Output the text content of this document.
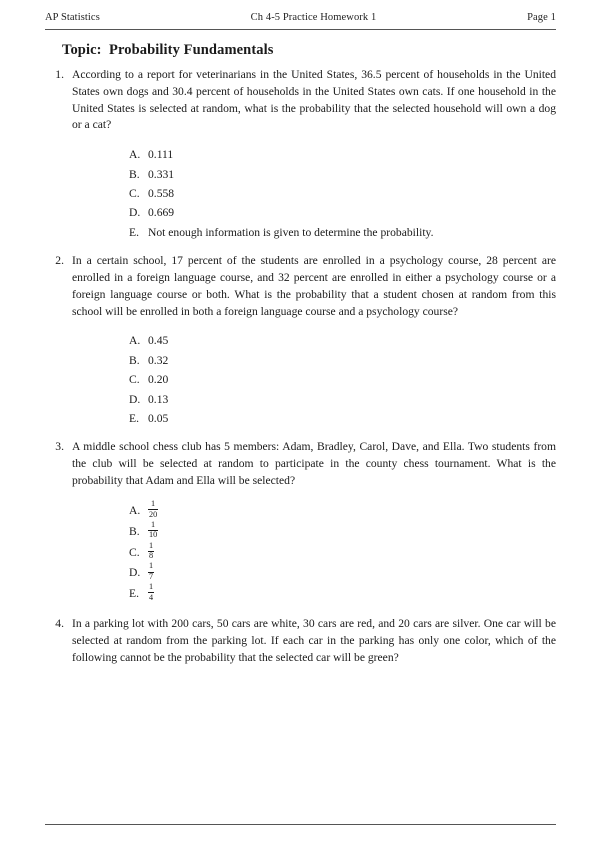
AP Statistics	Ch 4-5 Practice Homework 1	Page 1
Topic:  Probability Fundamentals
1. According to a report for veterinarians in the United States, 36.5 percent of households in the United States own dogs and 30.4 percent of households in the United States own cats. If one household in the United States is selected at random, what is the probability that the selected household will own a dog or a cat?
A. 0.111
B. 0.331
C. 0.558
D. 0.669
E. Not enough information is given to determine the probability.
2. In a certain school, 17 percent of the students are enrolled in a psychology course, 28 percent are enrolled in a foreign language course, and 32 percent are enrolled in either a psychology course or a foreign language course or both. What is the probability that a student chosen at random from this school will be enrolled in both a foreign language course and a psychology course?
A. 0.45
B. 0.32
C. 0.20
D. 0.13
E. 0.05
3. A middle school chess club has 5 members: Adam, Bradley, Carol, Dave, and Ella. Two students from the club will be selected at random to participate in the county chess tournament. What is the probability that Adam and Ella will be selected?
A. $\frac{1}{20}$
B.	$\frac{1}{10}$
C.	$\frac{1}{8}$
D. $\frac{1}{7}$
E.	$\frac{1}{4}$
4. In a parking lot with 200 cars, 50 cars are white, 30 cars are red, and 20 cars are silver. One car will be selected at random from the parking lot. If each car in the parking has only one color, which of the following cannot be the probability that the selected car will be green?
